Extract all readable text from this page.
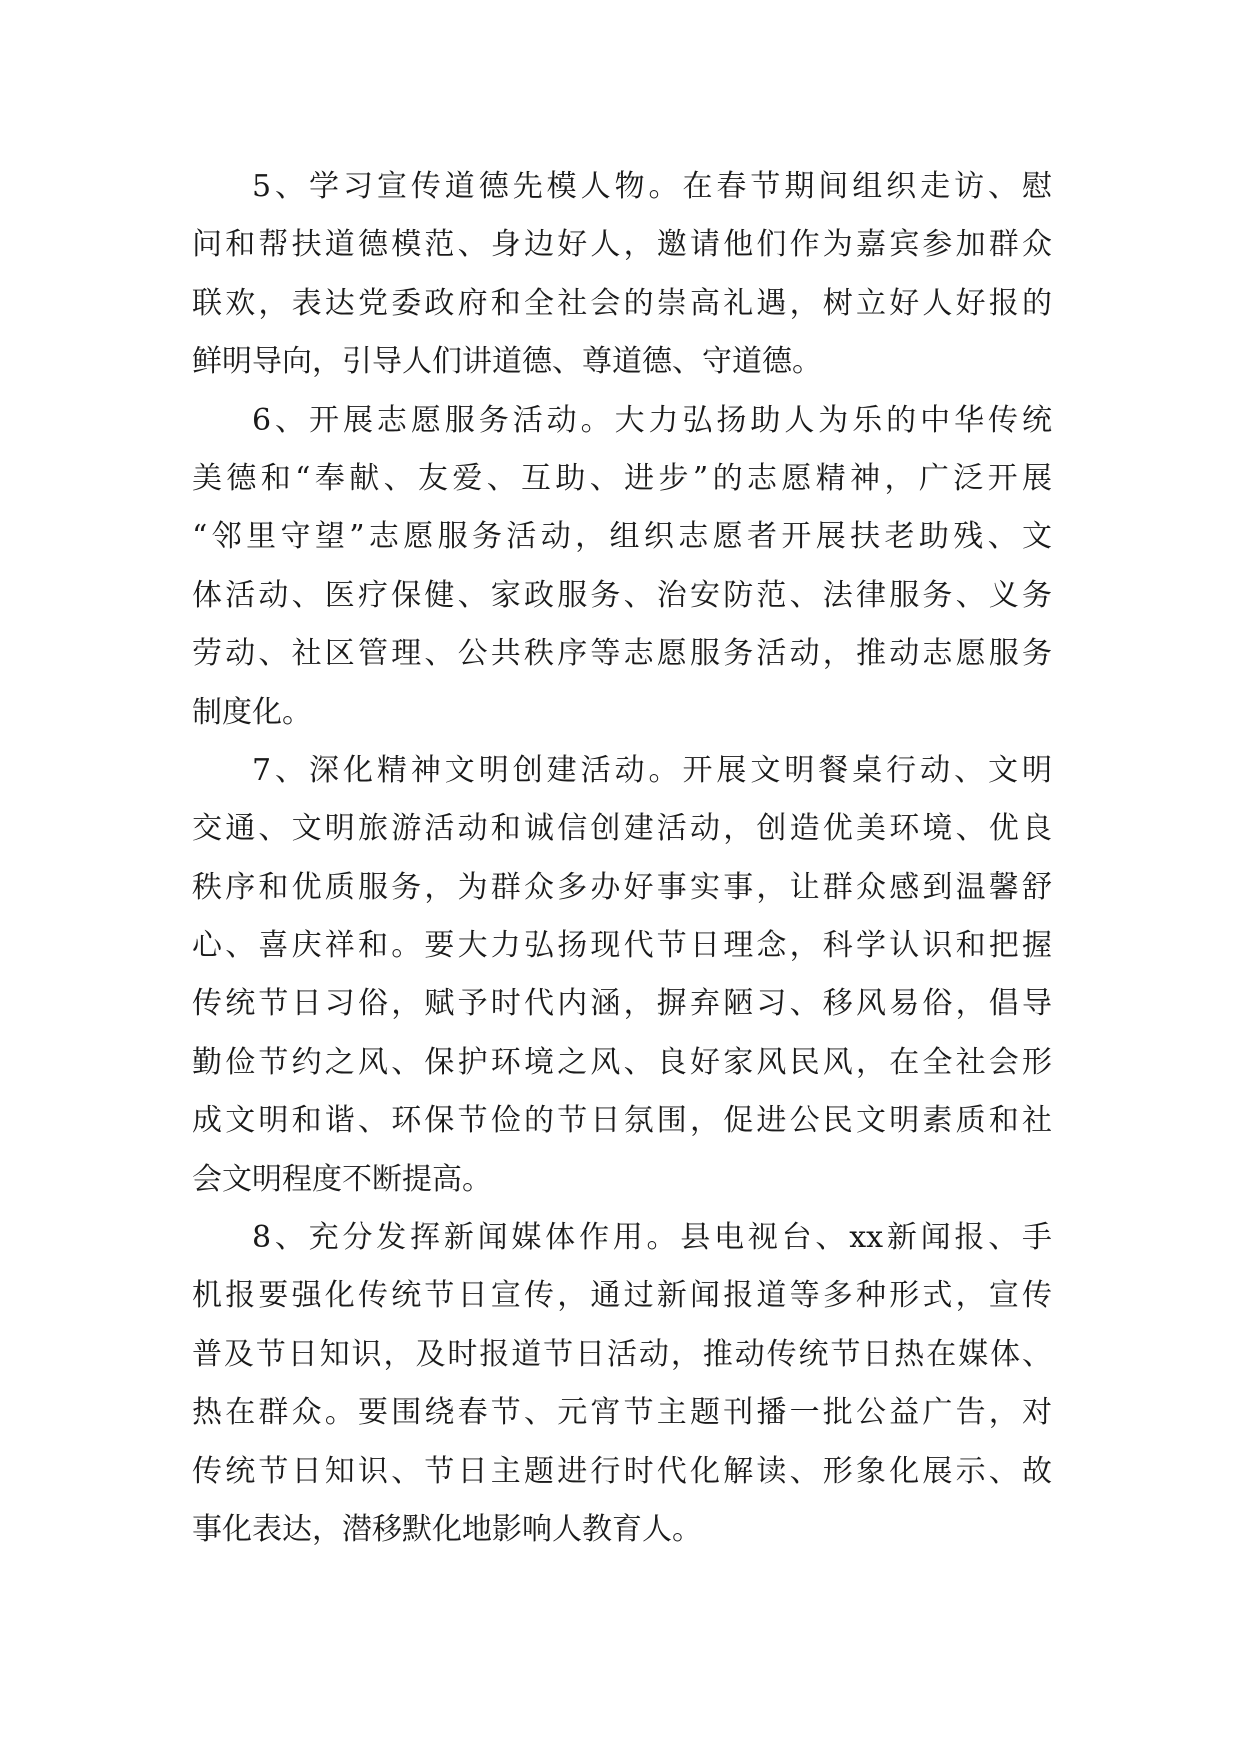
5、学习宣传道德先模人物。在春节期间组织走访、慰
问和帮扶道德模范、身边好人，邀请他们作为嘉宾参加群众
联欢，表达党委政府和全社会的崇高礼遇，树立好人好报的
鲜明导向，引导人们讲道德、尊道德、守道德。
6、开展志愿服务活动。大力弘扬助人为乐的中华传统
美德和“奉献、友爱、互助、进步”的志愿精神，广泛开展
“邻里守望”志愿服务活动，组织志愿者开展扶老助残、文
体活动、医疗保健、家政服务、治安防范、法律服务、义务
劳动、社区管理、公共秩序等志愿服务活动，推动志愿服务
制度化。
7、深化精神文明创建活动。开展文明餐桌行动、文明
交通、文明旅游活动和诚信创建活动，创造优美环境、优良
秩序和优质服务，为群众多办好事实事，让群众感到温馨舒
心、喜庆祥和。要大力弘扬现代节日理念，科学认识和把握
传统节日习俗，赋予时代内涵，摒弃陋习、移风易俗，倡导
勤俭节约之风、保护环境之风、良好家风民风，在全社会形
成文明和谐、环保节俭的节日氛围，促进公民文明素质和社
会文明程度不断提高。
8、充分发挥新闻媒体作用。县电视台、xx新闻报、手
机报要强化传统节日宣传，通过新闻报道等多种形式，宣传
普及节日知识，及时报道节日活动，推动传统节日热在媒体、
热在群众。要围绕春节、元宵节主题刊播一批公益广告，对
传统节日知识、节日主题进行时代化解读、形象化展示、故
事化表达，潜移默化地影响人教育人。
